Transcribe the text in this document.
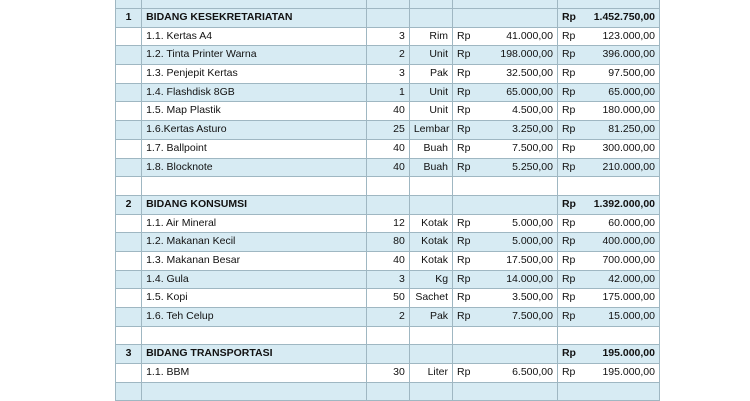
1	BIDANG KESEKRETARIATAN	Rp	1.452.750,00
1.1. Kertas A4	3	Rim Rp	41.000,00 Rp	123.000,00
1.2. Tinta Printer Warna	2	Unit Rp	198.000,00 Rp	396.000,00
1.3. Penjepit Kertas	3	Pak Rp	32.500,00 Rp	97.500,00
1.4. Flashdisk 8GB	1	Unit Rp	65.000,00 Rp	65.000,00
1.5. Map Plastik	40	Unit Rp	4.500,00 Rp	180.000,00
1.6.Kertas Asturo	25 Lembar Rp	3.250,00 Rp	81.250,00
1.7. Ballpoint	40	Buah Rp	7.500,00 Rp	300.000,00
1.8. Blocknote	40	Buah Rp	5.250,00 Rp	210.000,00
2	BIDANG KONSUMSI	Rp	1.392.000,00
1.1. Air Mineral	12	Kotak Rp	5.000,00 Rp	60.000,00
1.2. Makanan Kecil	80	Kotak Rp	5.000,00 Rp	400.000,00
1.3. Makanan Besar	40	Kotak Rp	17.500,00 Rp	700.000,00
1.4. Gula	3	Kg Rp	14.000,00 Rp	42.000,00
1.5. Kopi	50 Sachet Rp	3.500,00 Rp	175.000,00
1.6. Teh Celup	2	Pak Rp	7.500,00 Rp	15.000,00
3	BIDANG TRANSPORTASI	Rp	195.000,00
1.1. BBM	30	Liter Rp	6.500,00 Rp	195.000,00
